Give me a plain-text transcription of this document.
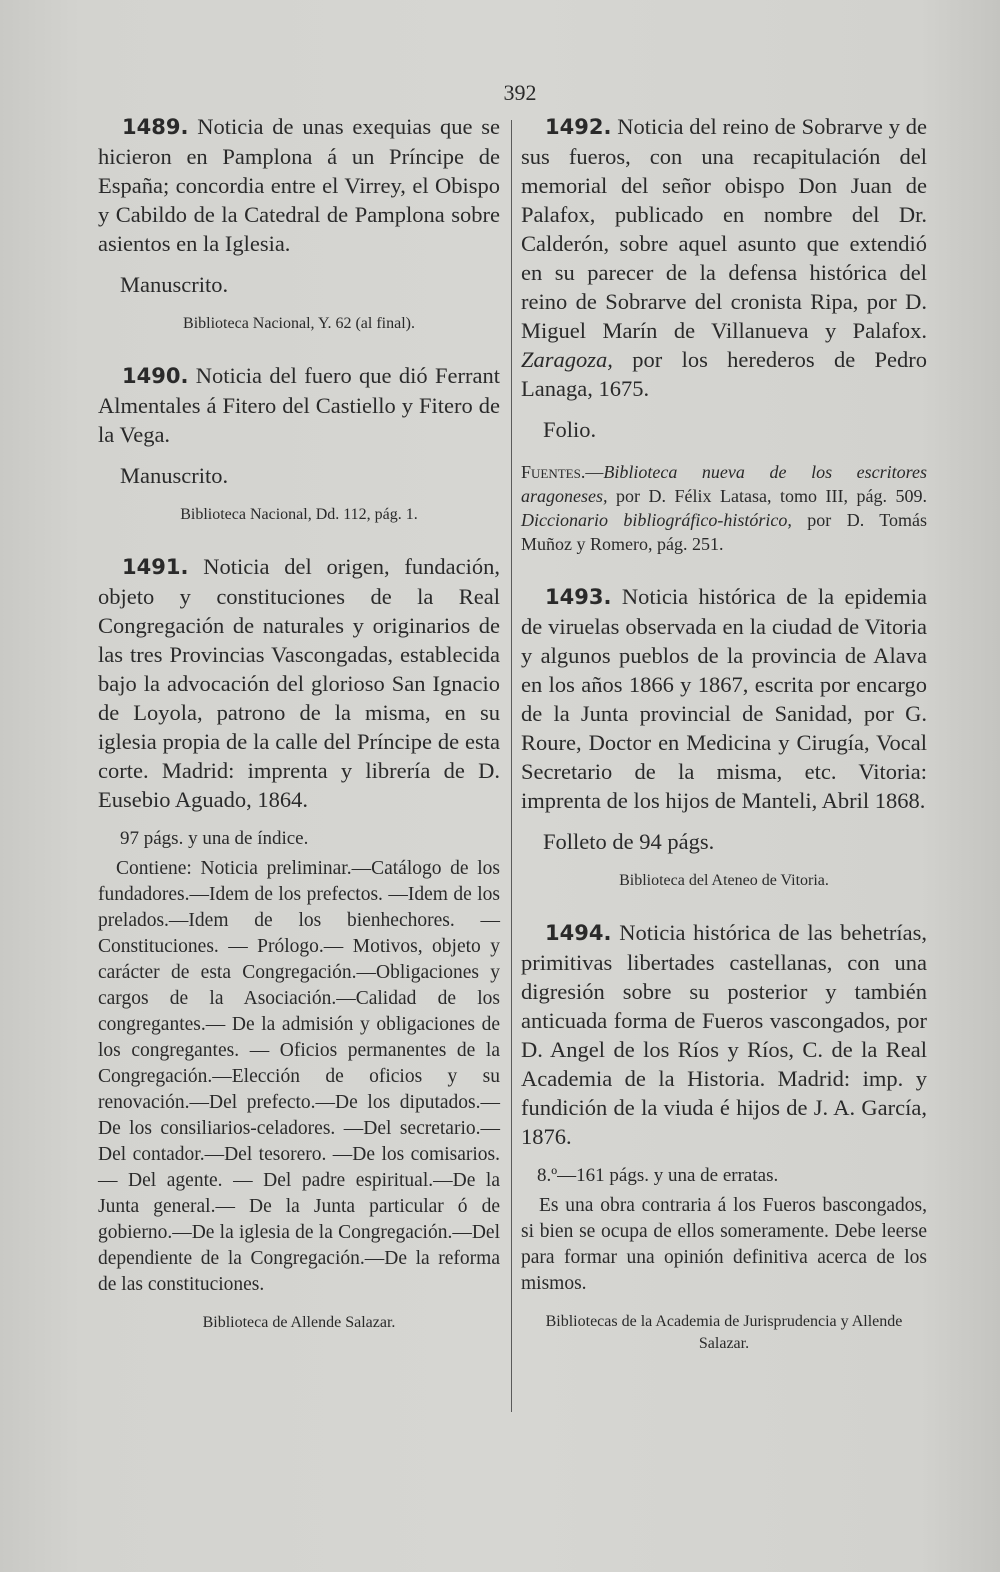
392

1489. Noticia de unas exequias que se hicieron en Pamplona á un Príncipe de España; concordia entre el Virrey, el Obispo y Cabildo de la Catedral de Pamplona sobre asientos en la Iglesia.

Manuscrito.

Biblioteca Nacional, Y. 62 (al final).

1490. Noticia del fuero que dió Ferrant Almentales á Fitero del Castiello y Fitero de la Vega.

Manuscrito.

Biblioteca Nacional, Dd. 112, pág. 1.

1491. Noticia del origen, fundación, objeto y constituciones de la Real Congregación de naturales y originarios de las tres Provincias Vascongadas, establecida bajo la advocación del glorioso San Ignacio de Loyola, patrono de la misma, en su iglesia propia de la calle del Príncipe de esta corte. Madrid: imprenta y librería de D. Eusebio Aguado, 1864.

97 págs. y una de índice.

Contiene: Noticia preliminar.—Catálogo de los fundadores.—Idem de los prefectos. —Idem de los prelados.—Idem de los bienhechores. — Constituciones. — Prólogo.— Motivos, objeto y carácter de esta Congregación.—Obligaciones y cargos de la Asociación.—Calidad de los congregantes.— De la admisión y obligaciones de los congregantes. — Oficios permanentes de la Congregación.—Elección de oficios y su renovación.—Del prefecto.—De los diputados.—De los consiliarios-celadores. —Del secretario.—Del contador.—Del tesorero. —De los comisarios. — Del agente. — Del padre espiritual.—De la Junta general.— De la Junta particular ó de gobierno.—De la iglesia de la Congregación.—Del dependiente de la Congregación.—De la reforma de las constituciones.

Biblioteca de Allende Salazar.

1492. Noticia del reino de Sobrarve y de sus fueros, con una recapitulación del memorial del señor obispo Don Juan de Palafox, publicado en nombre del Dr. Calderón, sobre aquel asunto que extendió en su parecer de la defensa histórica del reino de Sobrarve del cronista Ripa, por D. Miguel Marín de Villanueva y Palafox. Zaragoza, por los herederos de Pedro Lanaga, 1675.

Folio.

Fuentes.—Biblioteca nueva de los escritores aragoneses, por D. Félix Latasa, tomo III, pág. 509. Diccionario bibliográfico-histórico, por D. Tomás Muñoz y Romero, pág. 251.

1493. Noticia histórica de la epidemia de viruelas observada en la ciudad de Vitoria y algunos pueblos de la provincia de Alava en los años 1866 y 1867, escrita por encargo de la Junta provincial de Sanidad, por G. Roure, Doctor en Medicina y Cirugía, Vocal Secretario de la misma, etc. Vitoria: imprenta de los hijos de Manteli, Abril 1868.

Folleto de 94 págs.

Biblioteca del Ateneo de Vitoria.

1494. Noticia histórica de las behetrías, primitivas libertades castellanas, con una digresión sobre su posterior y también anticuada forma de Fueros vascongados, por D. Angel de los Ríos y Ríos, C. de la Real Academia de la Historia. Madrid: imp. y fundición de la viuda é hijos de J. A. García, 1876.

8.º—161 págs. y una de erratas.

Es una obra contraria á los Fueros bascongados, si bien se ocupa de ellos someramente. Debe leerse para formar una opinión definitiva acerca de los mismos.

Bibliotecas de la Academia de Jurisprudencia y Allende Salazar.
